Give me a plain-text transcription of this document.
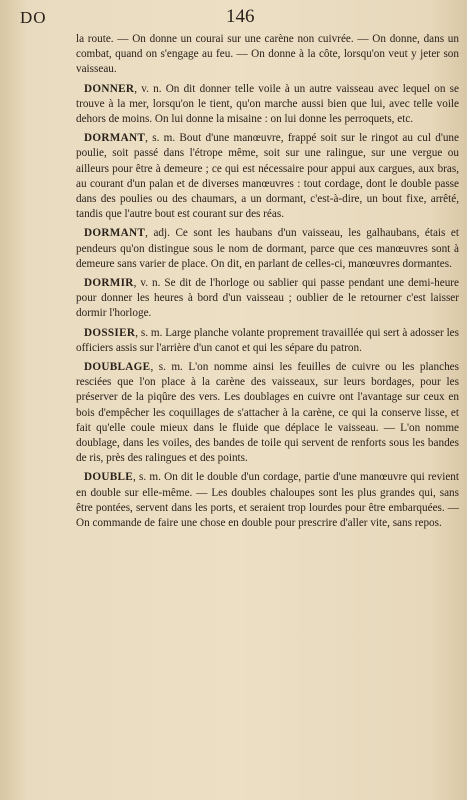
DO	146

la route. — On donne un courai sur une carène non cuivrée. — On donne, dans un combat, quand on s'engage au feu. — On donne à la côte, lorsqu'on veut y jeter son vaisseau.

DONNER, v. n. On dit donner telle voile à un autre vaisseau avec lequel on se trouve à la mer, lorsqu'on le tient, qu'on marche aussi bien que lui, avec telle voile dehors de moins. On lui donne la misaine : on lui donne les perroquets, etc.

DORMANT, s. m. Bout d'une manœuvre, frappé soit sur le ringot au cul d'une poulie, soit passé dans l'étrope même, soit sur une ralingue, sur une vergue ou ailleurs pour être à demeure ; ce qui est nécessaire pour appui aux cargues, aux bras, au courant d'un palan et de diverses manœuvres : tout cordage, dont le double passe dans des poulies ou des chaumars, a un dormant, c'est-à-dire, un bout fixe, arrêté, tandis que l'autre bout est courant sur des réas.

DORMANT, adj. Ce sont les haubans d'un vaisseau, les galhaubans, étais et pendeurs qu'on distingue sous le nom de dormant, parce que ces manœuvres sont à demeure sans varier de place. On dit, en parlant de celles-ci, manœuvres dormantes.

DORMIR, v. n. Se dit de l'horloge ou sablier qui passe pendant une demi-heure pour donner les heures à bord d'un vaisseau ; oublier de le retourner c'est laisser dormir l'horloge.

DOSSIER, s. m. Large planche volante proprement travaillée qui sert à adosser les officiers assis sur l'arrière d'un canot et qui les sépare du patron.

DOUBLAGE, s. m. L'on nomme ainsi les feuilles de cuivre ou les planches resciées que l'on place à la carène des vaisseaux, sur leurs bordages, pour les préserver de la piqûre des vers. Les doublages en cuivre ont l'avantage sur ceux en bois d'empêcher les coquillages de s'attacher à la carène, ce qui la conserve lisse, et fait qu'elle coule mieux dans le fluide que déplace le vaisseau. — L'on nomme doublage, dans les voiles, des bandes de toile qui servent de renforts sous les bandes de ris, près des ralingues et des points.

DOUBLE, s. m. On dit le double d'un cordage, partie d'une manœuvre qui revient en double sur elle-même. — Les doubles chaloupes sont les plus grandes qui, sans être pontées, servent dans les ports, et seraient trop lourdes pour être embarquées. — On commande de faire une chose en double pour prescrire d'aller vite, sans repos.
